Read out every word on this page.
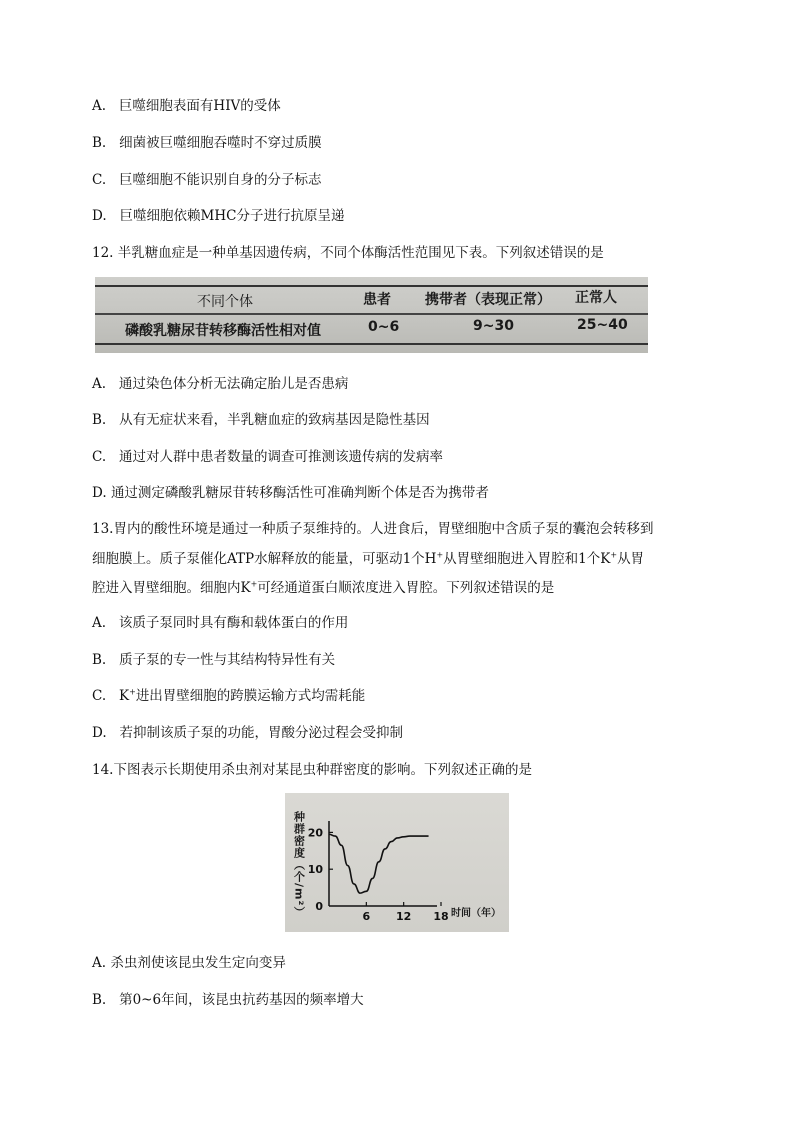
A. 巨噬细胞表面有HIV的受体
B. 细菌被巨噬细胞吞噬时不穿过质膜
C. 巨噬细胞不能识别自身的分子标志
D. 巨噬细胞依赖MHC分子进行抗原呈递
12. 半乳糖血症是一种单基因遗传病，不同个体酶活性范围见下表。下列叙述错误的是
不同个体	患者 携带者（表现正常） 正常人
磷酸乳糖尿苷转移酶活性相对值	0~6	9~30	25~40
A. 通过染色体分析无法确定胎儿是否患病
B. 从有无症状来看，半乳糖血症的致病基因是隐性基因
C. 通过对人群中患者数量的调查可推测该遗传病的发病率
D. 通过测定磷酸乳糖尿苷转移酶活性可准确判断个体是否为携带者
13.胃内的酸性环境是通过一种质子泵维持的。人进食后，胃壁细胞中含质子泵的囊泡会转移到
细胞膜上。质子泵催化ATP水解释放的能量，可驱动1个H+从胃壁细胞进入胃腔和1个K+从胃
腔进入胃壁细胞。细胞内K+可经通道蛋白顺浓度进入胃腔。下列叙述错误的是
A. 该质子泵同时具有酶和载体蛋白的作用
B. 质子泵的专一性与其结构特异性有关
C. K+进出胃壁细胞的跨膜运输方式均需耗能
D. 若抑制该质子泵的功能，胃酸分泌过程会受抑制
14.下图表示长期使用杀虫剂对某昆虫种群密度的影响。下列叙述正确的是
种群密度（个/m²） 0
10
20
6 12 18 时间（年）
A. 杀虫剂使该昆虫发生定向变异
B. 第0~6年间，该昆虫抗药基因的频率增大
